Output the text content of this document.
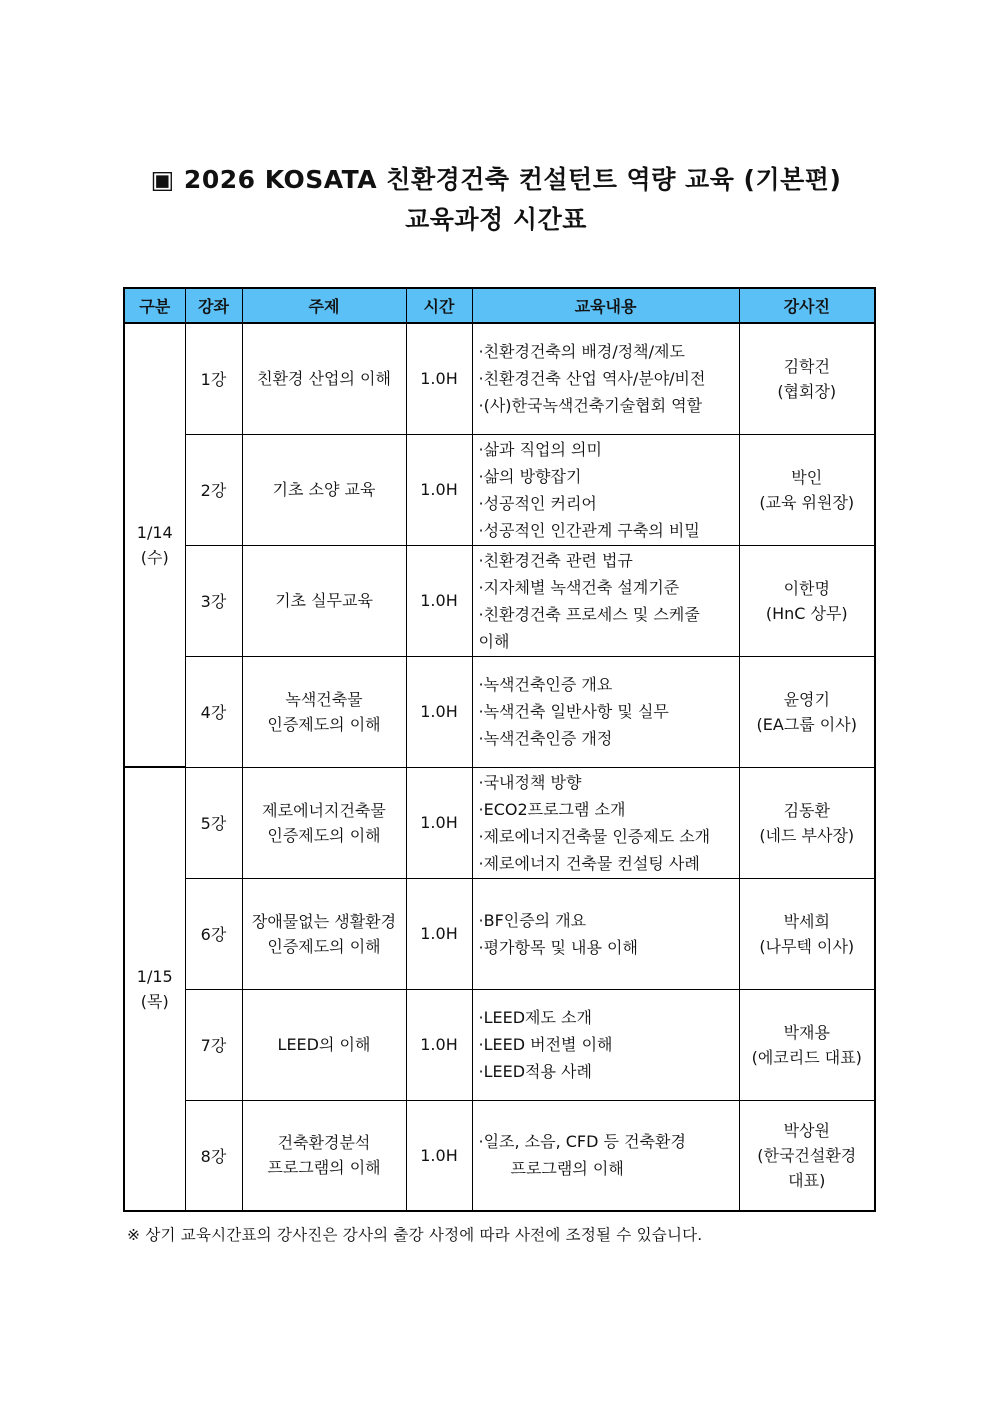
▣ 2026 KOSATA 친환경건축 컨설턴트 역량 교육 (기본편)
교육과정 시간표
구분	강좌	주제	시간	교육내용	강사진

1/14
(수)	1강	친환경 산업의 이해	1.0H	·친환경건축의 배경/정책/제도
·친환경건축 산업 역사/분야/비전
·(사)한국녹색건축기술협회 역할	김학건
(협회장)

	2강	기초 소양 교육	1.0H	·삶과 직업의 의미
·삶의 방향잡기
·성공적인 커리어
·성공적인 인간관계 구축의 비밀	박인
(교육 위원장)

	3강	기초 실무교육	1.0H	·친환경건축 관련 법규
·지자체별 녹색건축 설계기준
·친환경건축 프로세스 및 스케줄
이해	이한명
(HnC 상무)

	4강	녹색건축물
인증제도의 이해	1.0H	·녹색건축인증 개요
·녹색건축 일반사항 및 실무
·녹색건축인증 개정	윤영기
(EA그룹 이사)

1/15
(목)	5강	제로에너지건축물
인증제도의 이해	1.0H	·국내정책 방향
·ECO2프로그램 소개
·제로에너지건축물 인증제도 소개
·제로에너지 건축물 컨설팅 사례	김동환
(네드 부사장)

	6강	장애물없는 생활환경
인증제도의 이해	1.0H	·BF인증의 개요
·평가항목 및 내용 이해	박세희
(나무텍 이사)

	7강	LEED의 이해	1.0H	·LEED제도 소개
·LEED 버전별 이해
·LEED적용 사례	박재용
(에코리드 대표)

	8강	건축환경분석
프로그램의 이해	1.0H	·일조, 소음, CFD 등 건축환경
프로그램의 이해	박상원
(한국건설환경
대표)
※ 상기 교육시간표의 강사진은 강사의 출강 사정에 따라 사전에 조정될 수 있습니다.
